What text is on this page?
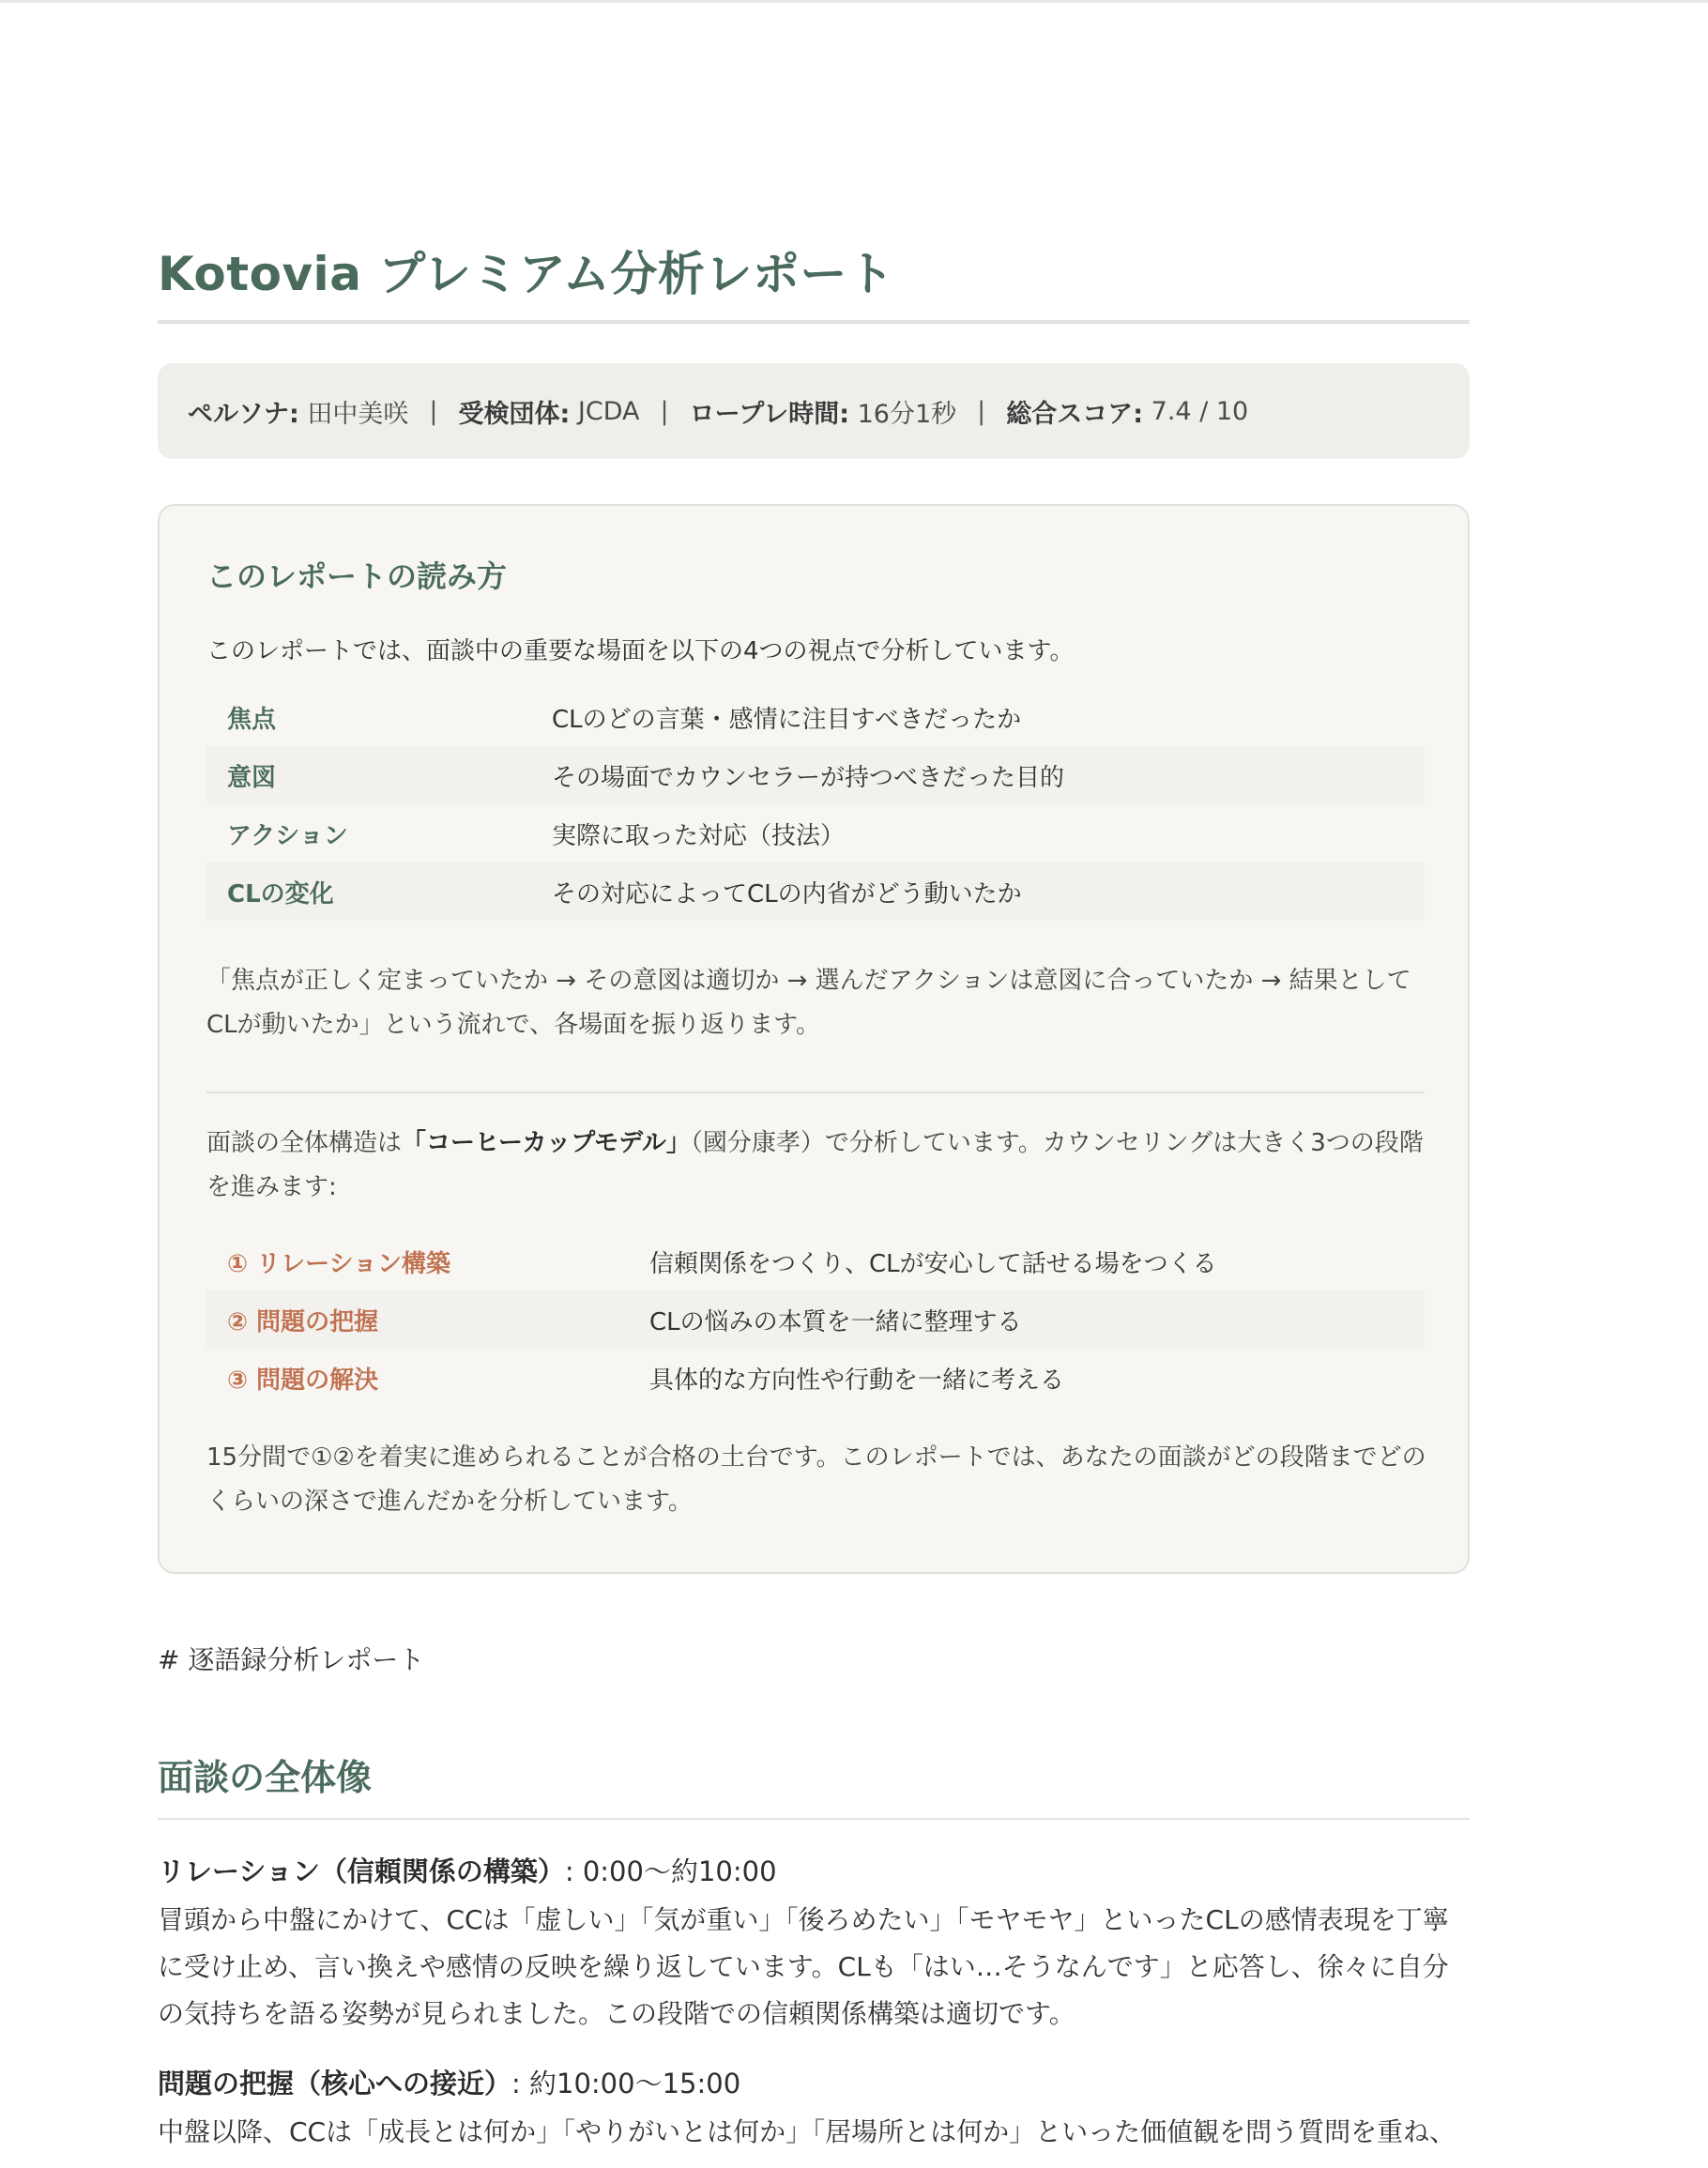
Kotovia プレミアム分析レポート
ペルソナ:
田中美咲 | 受検団体:
JCDA | ロープレ時間:
16分1秒 | 総合スコア:
7.4 / 10
このレポートの読み方

このレポートでは、面談中の重要な場面を以下の4つの視点で分析しています。

焦点	CLのどの言葉・感情に注目すべきだったか
意図	その場面でカウンセラーが持つべきだった目的
アクション	実際に取った対応（技法）
CLの変化	その対応によってCLの内省がどう動いたか

「焦点が正しく定まっていたか → その意図は適切か → 選んだアクションは意図に合っていたか → 結果としてCLが動いたか」という流れで、各場面を振り返ります。

面談の全体構造は「コーヒーカップモデル」（國分康孝）で分析しています。カウンセリングは大きく3つの段階を進みます:

① リレーション構築	信頼関係をつくり、CLが安心して話せる場をつくる
② 問題の把握	CLの悩みの本質を一緒に整理する
③ 問題の解決	具体的な方向性や行動を一緒に考える

15分間で①②を着実に進められることが合格の土台です。このレポートでは、あなたの面談がどの段階までどのくらいの深さで進んだかを分析しています。

# 逐語録分析レポート

面談の全体像

リレーション（信頼関係の構築）: 0:00〜約10:00

冒頭から中盤にかけて、CCは「虚しい」「気が重い」「後ろめたい」「モヤモヤ」といったCLの感情表現を丁寧に受け止め、言い換えや感情の反映を繰り返しています。CLも「はい…そうなんです」と応答し、徐々に自分の気持ちを語る姿勢が見られました。この段階での信頼関係構築は適切です。

問題の把握（核心への接近）: 約10:00〜15:00

中盤以降、CCは「成長とは何か」「やりがいとは何か」「居場所とは何か」といった価値観を問う質問を重ね、
